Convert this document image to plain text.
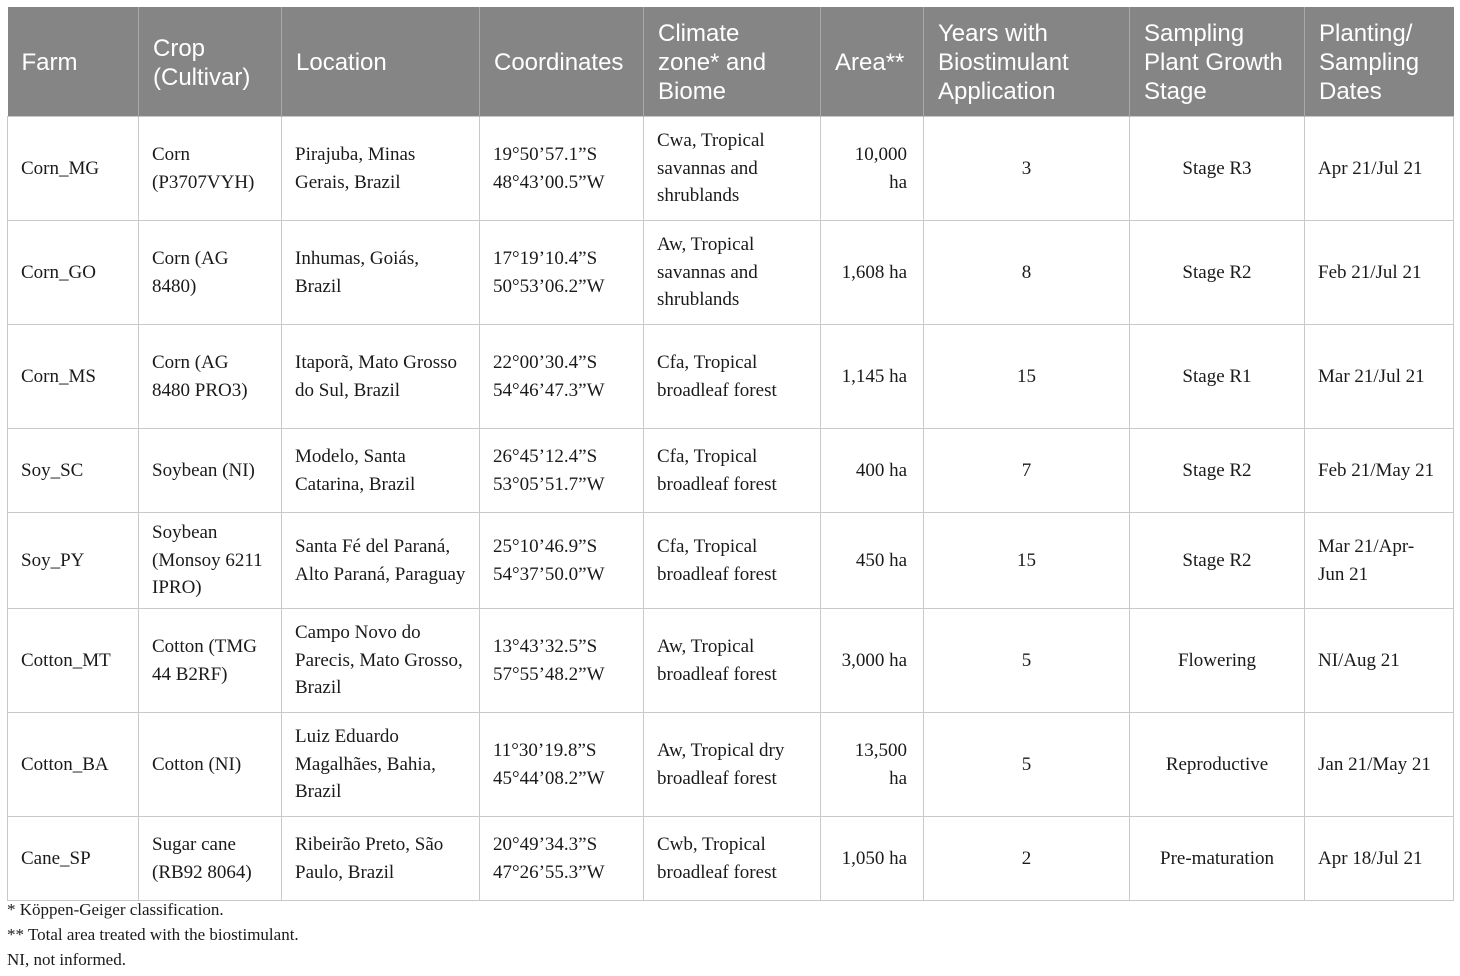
Farm	Crop (Cultivar)	Location	Coordinates	Climate zone* and Biome	Area**	Years with Biostimulant Application	Sampling Plant Growth Stage	Planting/ Sampling Dates
Corn_MG	Corn (P3707VYH)	Pirajuba, Minas Gerais, Brazil	19°50’57.1”S 48°43’00.5”W	Cwa, Tropical savannas and shrublands	10,000 ha	3	Stage R3	Apr 21/Jul 21
Corn_GO	Corn (AG 8480)	Inhumas, Goiás, Brazil	17°19’10.4”S 50°53’06.2”W	Aw, Tropical savannas and shrublands	1,608 ha	8	Stage R2	Feb 21/Jul 21
Corn_MS	Corn (AG 8480 PRO3)	Itaporã, Mato Grosso do Sul, Brazil	22°00’30.4”S 54°46’47.3”W	Cfa, Tropical broadleaf forest	1,145 ha	15	Stage R1	Mar 21/Jul 21
Soy_SC	Soybean (NI)	Modelo, Santa Catarina, Brazil	26°45’12.4”S 53°05’51.7”W	Cfa, Tropical broadleaf forest	400 ha	7	Stage R2	Feb 21/May 21
Soy_PY	Soybean (Monsoy 6211 IPRO)	Santa Fé del Paraná, Alto Paraná, Paraguay	25°10’46.9”S 54°37’50.0”W	Cfa, Tropical broadleaf forest	450 ha	15	Stage R2	Mar 21/Apr-Jun 21
Cotton_MT	Cotton (TMG 44 B2RF)	Campo Novo do Parecis, Mato Grosso, Brazil	13°43’32.5”S 57°55’48.2”W	Aw, Tropical broadleaf forest	3,000 ha	5	Flowering	NI/Aug 21
Cotton_BA	Cotton (NI)	Luiz Eduardo Magalhães, Bahia, Brazil	11°30’19.8”S 45°44’08.2”W	Aw, Tropical dry broadleaf forest	13,500 ha	5	Reproductive	Jan 21/May 21
Cane_SP	Sugar cane (RB92 8064)	Ribeirão Preto, São Paulo, Brazil	20°49’34.3”S 47°26’55.3”W	Cwb, Tropical broadleaf forest	1,050 ha	2	Pre-maturation	Apr 18/Jul 21
* Köppen-Geiger classification.
** Total area treated with the biostimulant.
NI, not informed.
